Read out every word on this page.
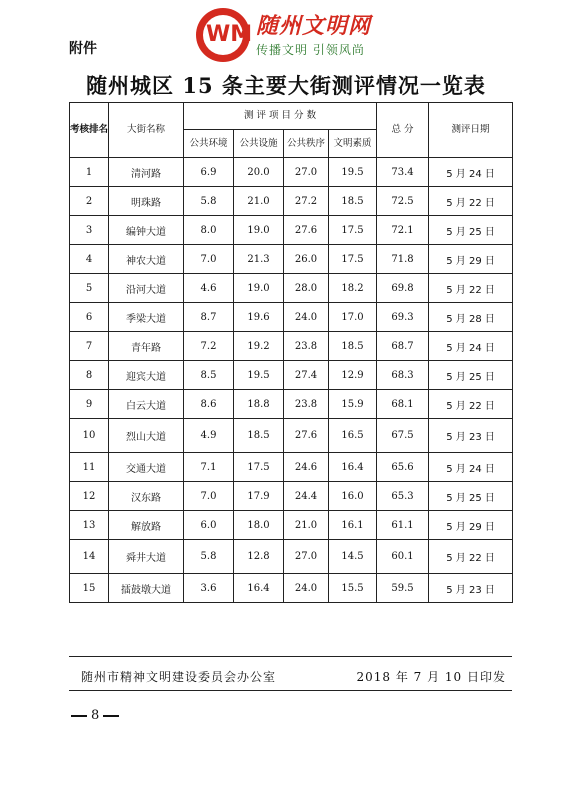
附件
WM 随州文明网
传播文明 引领风尚
随州城区 15 条主要大街测评情况一览表
考核排名	大街名称	测 评 项 目 分 数				总 分	测评日期
		公共环境	公共设施	公共秩序	文明素质		
1	清河路	6.9	20.0	27.0	19.5	73.4	5 月 24 日
2	明珠路	5.8	21.0	27.2	18.5	72.5	5 月 22 日
3	编钟大道	8.0	19.0	27.6	17.5	72.1	5 月 25 日
4	神农大道	7.0	21.3	26.0	17.5	71.8	5 月 29 日
5	沿河大道	4.6	19.0	28.0	18.2	69.8	5 月 22 日
6	季梁大道	8.7	19.6	24.0	17.0	69.3	5 月 28 日
7	青年路	7.2	19.2	23.8	18.5	68.7	5 月 24 日
8	迎宾大道	8.5	19.5	27.4	12.9	68.3	5 月 25 日
9	白云大道	8.6	18.8	23.8	15.9	68.1	5 月 22 日
10	烈山大道	4.9	18.5	27.6	16.5	67.5	5 月 23 日
11	交通大道	7.1	17.5	24.6	16.4	65.6	5 月 24 日
12	汉东路	7.0	17.9	24.4	16.0	65.3	5 月 25 日
13	解放路	6.0	18.0	21.0	16.1	61.1	5 月 29 日
14	舜井大道	5.8	12.8	27.0	14.5	60.1	5 月 22 日
15	擂鼓墩大道	3.6	16.4	24.0	15.5	59.5	5 月 23 日
随州市精神文明建设委员会办公室	2018 年 7 月 10 日印发
8
